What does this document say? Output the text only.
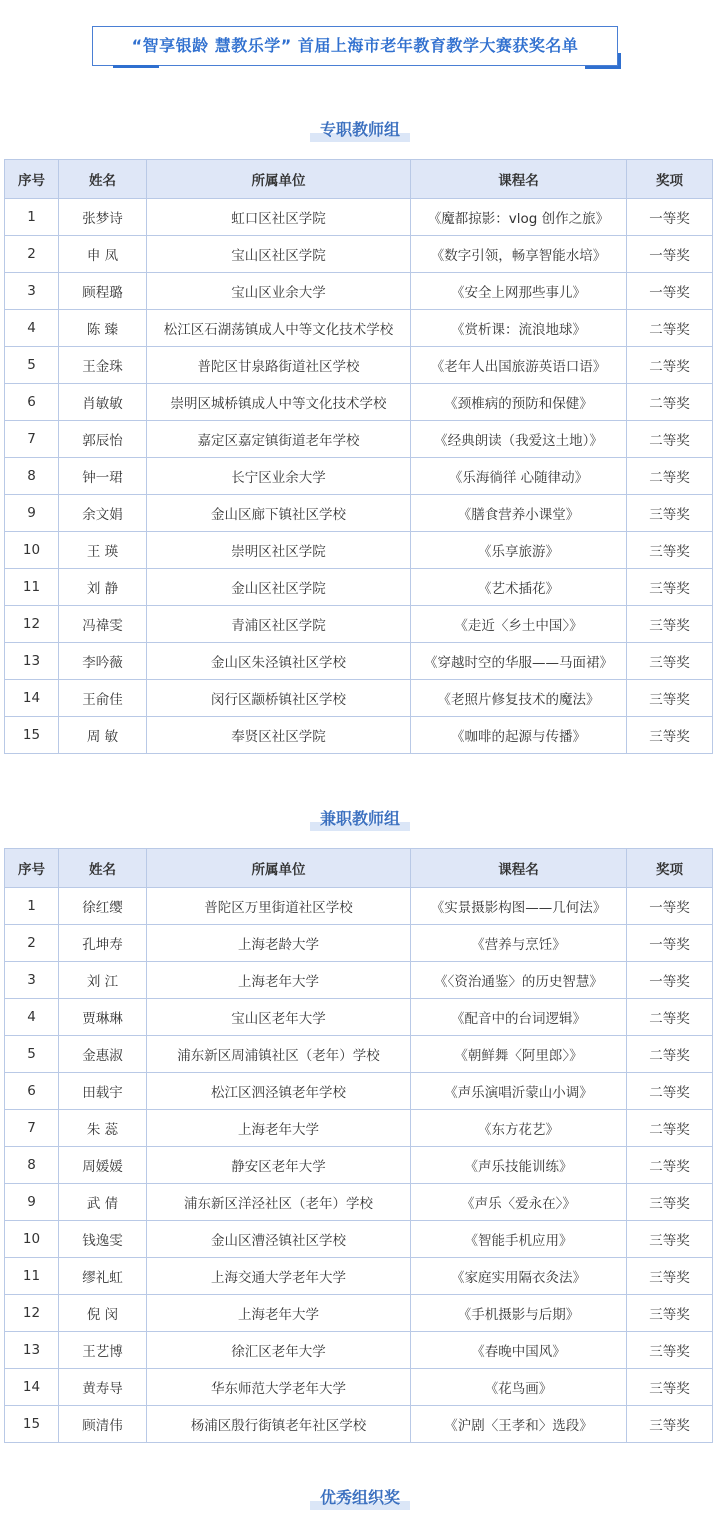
“智享银龄 慧教乐学” 首届上海市老年教育教学大赛获奖名单
专职教师组
序号	姓名	所属单位	课程名	奖项
1	张梦诗	虹口区社区学院	《魔都掠影：vlog 创作之旅》	一等奖
2	申 凤	宝山区社区学院	《数字引领，畅享智能水培》	一等奖
3	顾程璐	宝山区业余大学	《安全上网那些事儿》	一等奖
4	陈 臻	松江区石湖荡镇成人中等文化技术学校	《赏析课：流浪地球》	二等奖
5	王金珠	普陀区甘泉路街道社区学校	《老年人出国旅游英语口语》	二等奖
6	肖敏敏	崇明区城桥镇成人中等文化技术学校	《颈椎病的预防和保健》	二等奖
7	郭辰怡	嘉定区嘉定镇街道老年学校	《经典朗读（我爱这土地）》	二等奖
8	钟一珺	长宁区业余大学	《乐海徜徉 心随律动》	二等奖
9	余文娟	金山区廊下镇社区学校	《膳食营养小课堂》	三等奖
10	王 瑛	崇明区社区学院	《乐享旅游》	三等奖
11	刘 静	金山区社区学院	《艺术插花》	三等奖
12	冯禕雯	青浦区社区学院	《走近〈乡土中国〉》	三等奖
13	李吟薇	金山区朱泾镇社区学校	《穿越时空的华服——马面裙》	三等奖
14	王俞佳	闵行区颛桥镇社区学校	《老照片修复技术的魔法》	三等奖
15	周 敏	奉贤区社区学院	《咖啡的起源与传播》	三等奖
兼职教师组
序号	姓名	所属单位	课程名	奖项
1	徐红缨	普陀区万里街道社区学校	《实景摄影构图——几何法》	一等奖
2	孔坤寿	上海老龄大学	《营养与烹饪》	一等奖
3	刘 江	上海老年大学	《〈资治通鉴〉的历史智慧》	一等奖
4	贾琳琳	宝山区老年大学	《配音中的台词逻辑》	二等奖
5	金惠淑	浦东新区周浦镇社区（老年）学校	《朝鲜舞〈阿里郎〉》	二等奖
6	田载宇	松江区泗泾镇老年学校	《声乐演唱沂蒙山小调》	二等奖
7	朱 蕊	上海老年大学	《东方花艺》	二等奖
8	周媛媛	静安区老年大学	《声乐技能训练》	二等奖
9	武 倩	浦东新区洋泾社区（老年）学校	《声乐〈爱永在〉》	三等奖
10	钱逸雯	金山区漕泾镇社区学校	《智能手机应用》	三等奖
11	缪礼虹	上海交通大学老年大学	《家庭实用隔衣灸法》	三等奖
12	倪 闵	上海老年大学	《手机摄影与后期》	三等奖
13	王艺博	徐汇区老年大学	《春晚中国风》	三等奖
14	黄寿导	华东师范大学老年大学	《花鸟画》	三等奖
15	顾清伟	杨浦区殷行街镇老年社区学校	《沪剧〈王孝和〉选段》	三等奖
优秀组织奖
